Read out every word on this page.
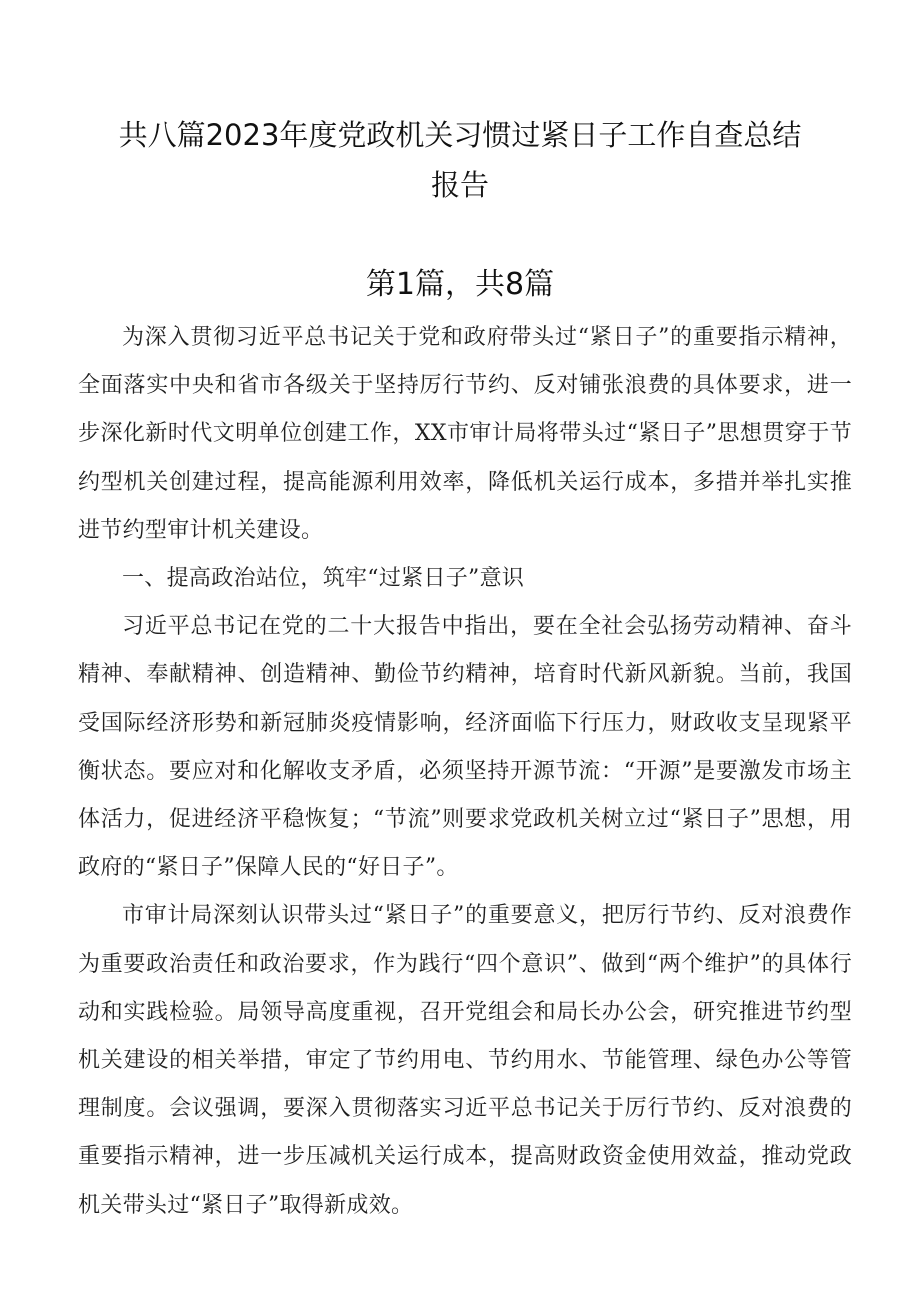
共八篇2023年度党政机关习惯过紧日子工作自查总结报告
第1篇，共8篇

为深入贯彻习近平总书记关于党和政府带头过“紧日子”的重要指示精神，全面落实中央和省市各级关于坚持厉行节约、反对铺张浪费的具体要求，进一步深化新时代文明单位创建工作，XX市审计局将带头过“紧日子”思想贯穿于节约型机关创建过程，提高能源利用效率，降低机关运行成本，多措并举扎实推进节约型审计机关建设。

一、提高政治站位，筑牢“过紧日子”意识

习近平总书记在党的二十大报告中指出，要在全社会弘扬劳动精神、奋斗精神、奉献精神、创造精神、勤俭节约精神，培育时代新风新貌。当前，我国受国际经济形势和新冠肺炎疫情影响，经济面临下行压力，财政收支呈现紧平衡状态。要应对和化解收支矛盾，必须坚持开源节流：“开源”是要激发市场主体活力，促进经济平稳恢复；“节流”则要求党政机关树立过“紧日子”思想，用政府的“紧日子”保障人民的“好日子”。

市审计局深刻认识带头过“紧日子”的重要意义，把厉行节约、反对浪费作为重要政治责任和政治要求，作为践行“四个意识”、做到“两个维护”的具体行动和实践检验。局领导高度重视，召开党组会和局长办公会，研究推进节约型机关建设的相关举措，审定了节约用电、节约用水、节能管理、绿色办公等管理制度。会议强调，要深入贯彻落实习近平总书记关于厉行节约、反对浪费的重要指示精神，进一步压减机关运行成本，提高财政资金使用效益，推动党政机关带头过“紧日子”取得新成效。
